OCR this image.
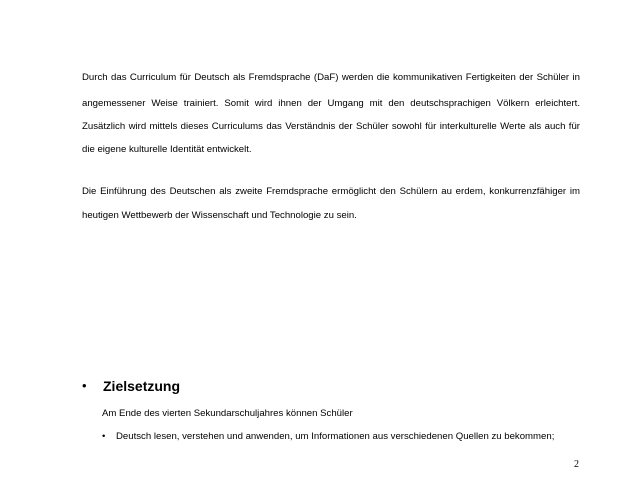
Durch das Curriculum für Deutsch als Fremdsprache (DaF) werden die kommunikativen Fertigkeiten der Schüler in
angemessener Weise trainiert. Somit wird ihnen der Umgang mit den deutschsprachigen Völkern erleichtert.
Zusätzlich wird mittels dieses Curriculums das Verständnis der Schüler sowohl für interkulturelle Werte als auch für
die eigene kulturelle Identität entwickelt.
Die Einführung des Deutschen als zweite Fremdsprache ermöglicht den Schülern au erdem, konkurrenzfähiger im
heutigen Wettbewerb der Wissenschaft und Technologie zu sein.
• Zielsetzung
Am Ende des vierten Sekundarschuljahres können Schüler
• Deutsch lesen, verstehen und anwenden, um Informationen aus verschiedenen Quellen zu bekommen;
2
